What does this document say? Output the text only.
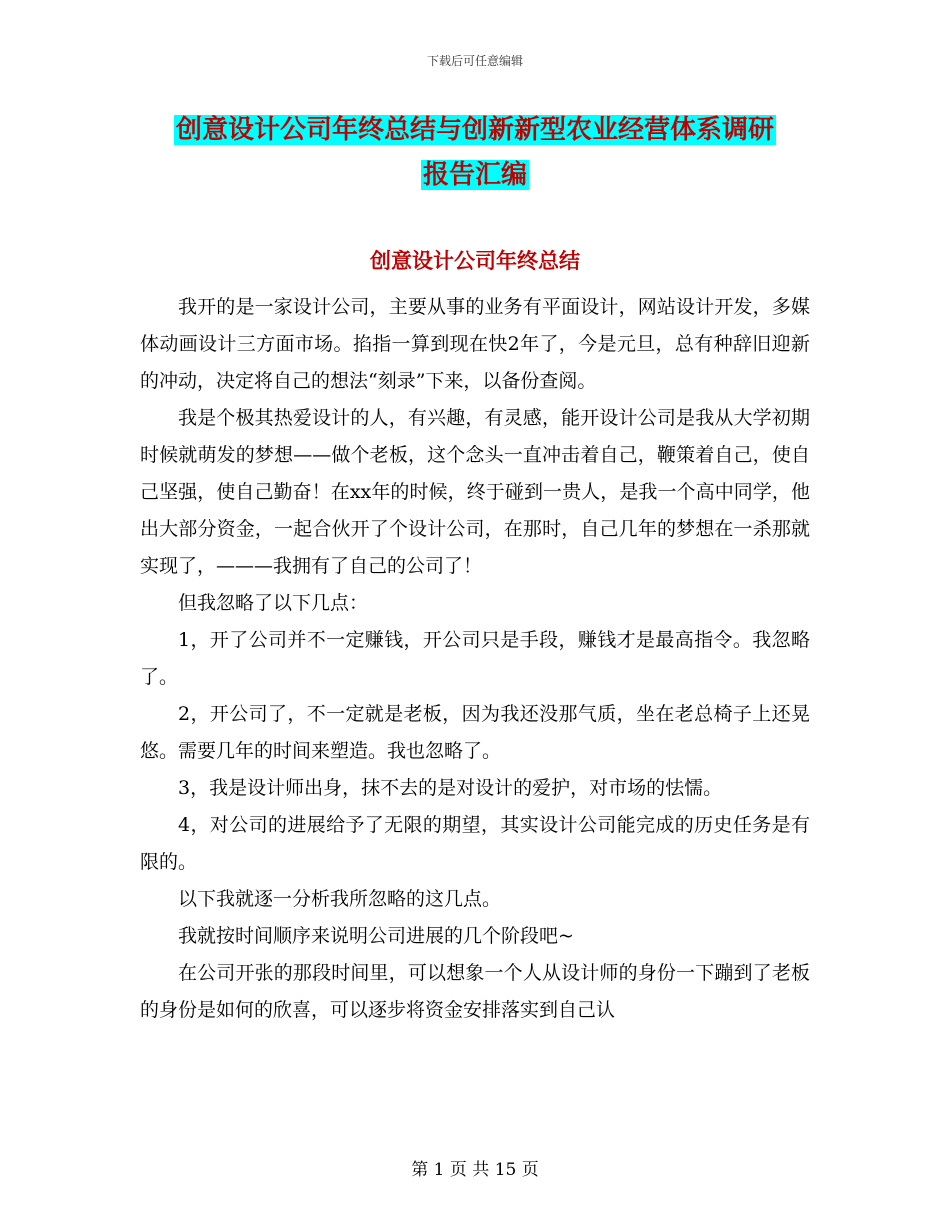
下载后可任意编辑
创意设计公司年终总结与创新新型农业经营体系调研
报告汇编
创意设计公司年终总结

我开的是一家设计公司，主要从事的业务有平面设计，网站设计开发，多媒体动画设计三方面市场。掐指一算到现在快2年了，今是元旦，总有种辞旧迎新的冲动，决定将自己的想法“刻录”下来，以备份查阅。

我是个极其热爱设计的人，有兴趣，有灵感，能开设计公司是我从大学初期时候就萌发的梦想——做个老板，这个念头一直冲击着自己，鞭策着自己，使自己坚强，使自己勤奋！在xx年的时候，终于碰到一贵人，是我一个高中同学，他出大部分资金，一起合伙开了个设计公司，在那时，自己几年的梦想在一杀那就实现了，———我拥有了自己的公司了！

但我忽略了以下几点：

1，开了公司并不一定赚钱，开公司只是手段，赚钱才是最高指令。我忽略了。

2，开公司了，不一定就是老板，因为我还没那气质，坐在老总椅子上还晃悠。需要几年的时间来塑造。我也忽略了。

3，我是设计师出身，抹不去的是对设计的爱护，对市场的怯懦。

4，对公司的进展给予了无限的期望，其实设计公司能完成的历史任务是有限的。

以下我就逐一分析我所忽略的这几点。

我就按时间顺序来说明公司进展的几个阶段吧~

在公司开张的那段时间里，可以想象一个人从设计师的身份一下蹦到了老板的身份是如何的欣喜，可以逐步将资金安排落实到自己认

第 1 页 共 15 页
